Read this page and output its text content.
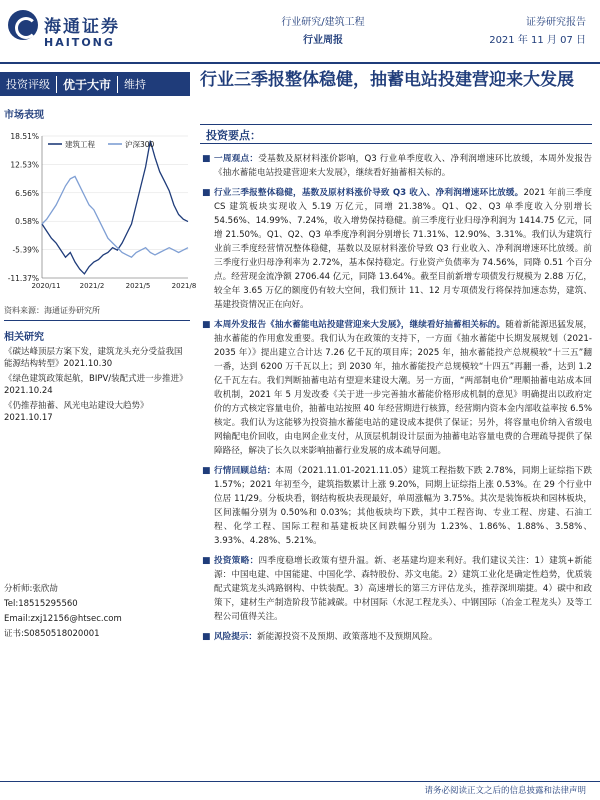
海通证券
HAITONG
行业研究/建筑工程
行业周报
证券研究报告
2021 年 11 月 07 日
投资评级	优于大市	维持
市场表现
18.51%
12.53%
6.56%
0.58%
-5.39%
-11.37%
2020/11	2021/2	2021/5	2021/8
建筑工程	沪深300
资料来源：海通证券研究所
相关研究
《碳达峰顶层方案下发，建筑龙头充分受益我国能源结构转型》2021.10.30
《绿色建筑政策起航，BIPV/装配式进一步推进》2021.10.24
《仍推荐抽蓄、风光电站建设大趋势》2021.10.17
分析师:张欣劼
Tel:18515295560
Email:zxj12156@htsec.com
证书:S0850518020001
行业三季报整体稳健，抽蓄电站投建营迎来大发展
投资要点：
■ 一周观点：受基数及原材料涨价影响，Q3 行业单季度收入、净利润增速环比放缓，本周外发报告《抽水蓄能电站投建营迎来大发展》，继续看好抽蓄相关标的。
■ 行业三季报整体稳健，基数及原材料涨价导致 Q3 收入、净利润增速环比放缓。2021 年前三季度 CS 建筑板块实现收入 5.19 万亿元，同增 21.38%。Q1、Q2、Q3 单季度收入分别增长 54.56%、14.99%、7.24%，收入增势保持稳健。前三季度行业归母净利润为 1414.75 亿元，同增 21.50%。Q1、Q2、Q3 单季度净利润分别增长 71.31%、12.90%、3.31%。我们认为建筑行业前三季度经营情况整体稳健，基数以及原材料涨价导致 Q3 行业收入、净利润增速环比放缓。前三季度行业归母净利率为 2.72%，基本保持稳定。行业资产负债率为 74.56%，同降 0.51 个百分点。经营现金流净额 2706.44 亿元，同降 13.64%。截至目前新增专项债发行规模为 2.88 万亿，较全年 3.65 万亿的额度仍有较大空间，我们预计 11、12 月专项债发行将保持加速态势，建筑、基建投资情况正在向好。
■ 本周外发报告《抽水蓄能电站投建营迎来大发展》，继续看好抽蓄相关标的。随着新能源迅猛发展，抽水蓄能的作用愈发重要。我们认为在政策的支持下，一方面《抽水蓄能中长期发展规划（2021-2035 年）》提出建立合计达 7.26 亿千瓦的项目库；2025 年，抽水蓄能投产总规模较“十三五”翻一番，达到 6200 万千瓦以上；到 2030 年，抽水蓄能投产总规模较“十四五”再翻一番，达到 1.2 亿千瓦左右。我们判断抽蓄电站有望迎来建设大潮。另一方面，“两部制电价”理顺抽蓄电站成本回收机制，2021 年 5 月发改委《关于进一步完善抽水蓄能价格形成机制的意见》明确提出以政府定价的方式核定容量电价，抽蓄电站按照 40 年经营期进行核算，经营期内资本金内部收益率按 6.5%核定。我们认为这能够为投资抽水蓄能电站的建设成本提供了保证；另外，将容量电价纳入省级电网输配电价回收，由电网企业支付，从顶层机制设计层面为抽蓄电站容量电费的合理疏导提供了保障路径，解决了长久以来影响抽蓄行业发展的成本疏导问题。
■ 行情回顾总结：本周（2021.11.01-2021.11.05）建筑工程指数下跌 2.78%，同期上证综指下跌 1.57%；2021 年初至今，建筑指数累计上涨 9.20%，同期上证综指上涨 0.53%。在 29 个行业中位居 11/29。分板块看，钢结构板块表现最好，单周涨幅为 3.75%。其次是装饰板块和园林板块，区间涨幅分别为 0.50%和 0.03%；其他板块均下跌，其中工程咨询、专业工程、房建、石油工程、化学工程、国际工程和基建板块区间跌幅分别为 1.23%、1.86%、1.88%、3.58%、3.93%、4.28%、5.21%。
■ 投资策略：四季度稳增长政策有望升温。新、老基建均迎来利好。我们建议关注：1）建筑+新能源：中国电建、中国能建、中国化学、森特股份、苏文电能。2）建筑工业化是确定性趋势，优质装配式建筑龙头鸿路钢构、中铁装配。3）高速增长的第三方评估龙头，推荐深圳瑞捷。4）碳中和政策下，建材生产制造阶段节能减碳。中材国际（水泥工程龙头）、中钢国际（冶金工程龙头）及等工程公司值得关注。
■ 风险提示：新能源投资不及预期、政策落地不及预期风险。
请务必阅读正文之后的信息披露和法律声明
